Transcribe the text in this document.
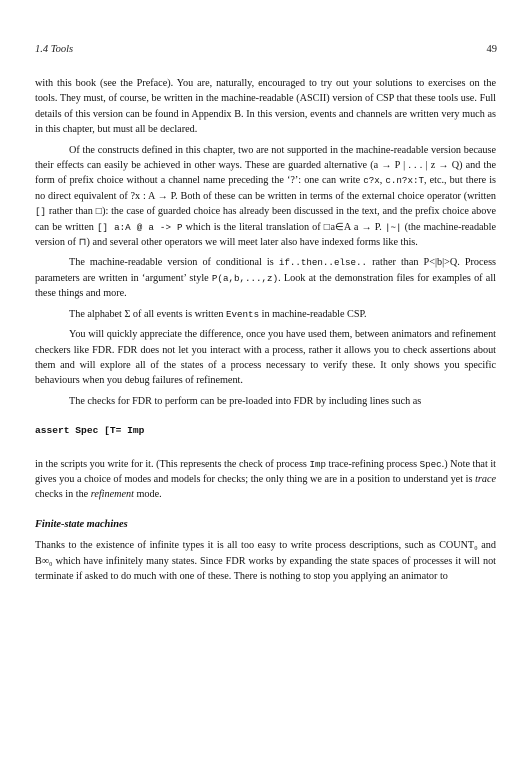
1.4 Tools	49

with this book (see the Preface). You are, naturally, encouraged to try out your solutions to exercises on the tools. They must, of course, be written in the machine-readable (ASCII) version of CSP that these tools use. Full details of this version can be found in Appendix B. In this version, events and channels are written very much as in this chapter, but must all be declared.

Of the constructs defined in this chapter, two are not supported in the machine-readable version because their effects can easily be achieved in other ways. These are guarded alternative (a → P | . . . | z → Q) and the form of prefix choice without a channel name preceding the ‘?’: one can write c?x, c.n?x:T, etc., but there is no direct equivalent of ?x : A → P. Both of these can be written in terms of the external choice operator (written [] rather than □): the case of guarded choice has already been discussed in the text, and the prefix choice above can be written [] a:A @ a -> P which is the literal translation of □a∈A a → P. |~| (the machine-readable version of ⊓) and several other operators we will meet later also have indexed forms like this.

The machine-readable version of conditional is if..then..else.. rather than P<|b|>Q. Process parameters are written in ‘argument’ style P(a,b,...,z). Look at the demonstration files for examples of all these things and more.

The alphabet Σ of all events is written Events in machine-readable CSP.

You will quickly appreciate the difference, once you have used them, between animators and refinement checkers like FDR. FDR does not let you interact with a process, rather it allows you to check assertions about them and will explore all of the states of a process necessary to verify these. It only shows you specific behaviours when you debug failures of refinement.

The checks for FDR to perform can be pre-loaded into FDR by including lines such as

assert Spec [T= Imp

in the scripts you write for it. (This represents the check of process Imp trace-refining process Spec.) Note that it gives you a choice of modes and models for checks; the only thing we are in a position to understand yet is trace checks in the refinement mode.

Finite-state machines

Thanks to the existence of infinite types it is all too easy to write process descriptions, such as COUNT₀ and B∞₀ which have infinitely many states. Since FDR works by expanding the state spaces of processes it will not terminate if asked to do much with one of these. There is nothing to stop you applying an animator to
